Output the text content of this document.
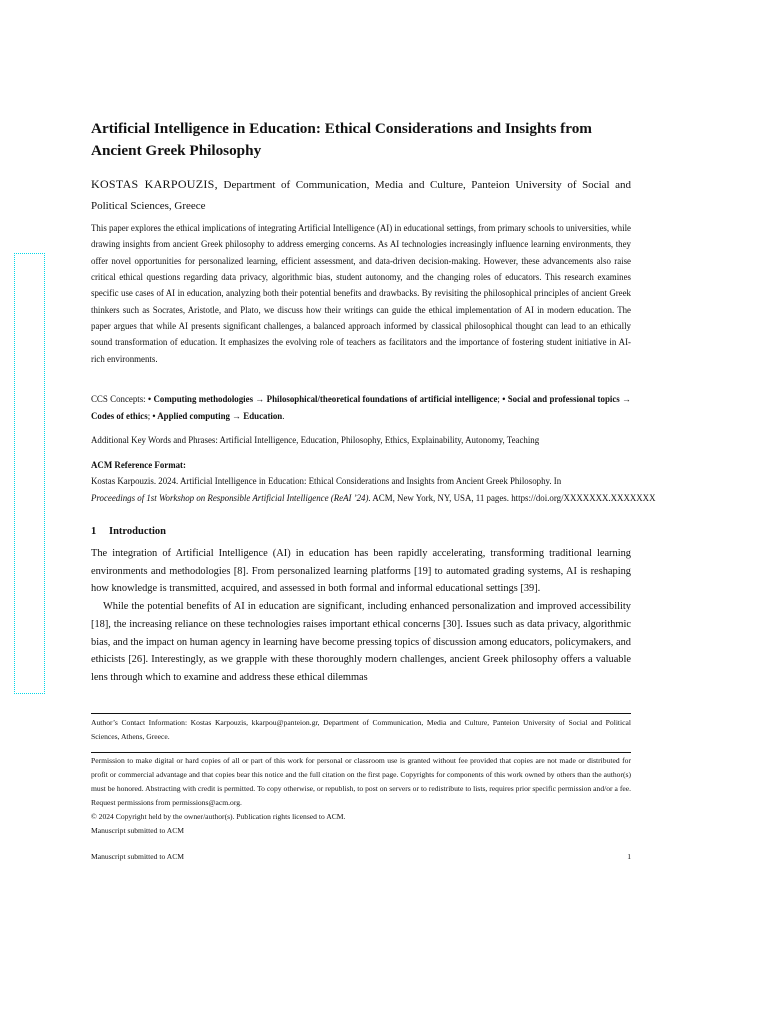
Artificial Intelligence in Education: Ethical Considerations and Insights from Ancient Greek Philosophy
KOSTAS KARPOUZIS, Department of Communication, Media and Culture, Panteion University of Social and Political Sciences, Greece
This paper explores the ethical implications of integrating Artificial Intelligence (AI) in educational settings, from primary schools to universities, while drawing insights from ancient Greek philosophy to address emerging concerns. As AI technologies increasingly influence learning environments, they offer novel opportunities for personalized learning, efficient assessment, and data-driven decision-making. However, these advancements also raise critical ethical questions regarding data privacy, algorithmic bias, student autonomy, and the changing roles of educators. This research examines specific use cases of AI in education, analyzing both their potential benefits and drawbacks. By revisiting the philosophical principles of ancient Greek thinkers such as Socrates, Aristotle, and Plato, we discuss how their writings can guide the ethical implementation of AI in modern education. The paper argues that while AI presents significant challenges, a balanced approach informed by classical philosophical thought can lead to an ethically sound transformation of education. It emphasizes the evolving role of teachers as facilitators and the importance of fostering student initiative in AI-rich environments.
CCS Concepts: • Computing methodologies → Philosophical/theoretical foundations of artificial intelligence; • Social and professional topics → Codes of ethics; • Applied computing → Education.
Additional Key Words and Phrases: Artificial Intelligence, Education, Philosophy, Ethics, Explainability, Autonomy, Teaching
ACM Reference Format:
Kostas Karpouzis. 2024. Artificial Intelligence in Education: Ethical Considerations and Insights from Ancient Greek Philosophy. In
Proceedings of 1st Workshop on Responsible Artificial Intelligence (ReAI ’24). ACM, New York, NY, USA, 11 pages. https://doi.org/XXXXXXX.XXXXXXX
1 Introduction

The integration of Artificial Intelligence (AI) in education has been rapidly accelerating, transforming traditional learning environments and methodologies [8]. From personalized learning platforms [19] to automated grading systems, AI is reshaping how knowledge is transmitted, acquired, and assessed in both formal and informal educational settings [39].

While the potential benefits of AI in education are significant, including enhanced personalization and improved accessibility [18], the increasing reliance on these technologies raises important ethical concerns [30]. Issues such as data privacy, algorithmic bias, and the impact on human agency in learning have become pressing topics of discussion among educators, policymakers, and ethicists [26]. Interestingly, as we grapple with these thoroughly modern challenges, ancient Greek philosophy offers a valuable lens through which to examine and address these ethical dilemmas

Author’s Contact Information: Kostas Karpouzis, kkarpou@panteion.gr, Department of Communication, Media and Culture, Panteion University of Social and Political Sciences, Athens, Greece.
Permission to make digital or hard copies of all or part of this work for personal or classroom use is granted without fee provided that copies are not made or distributed for profit or commercial advantage and that copies bear this notice and the full citation on the first page. Copyrights for components of this work owned by others than the author(s) must be honored. Abstracting with credit is permitted. To copy otherwise, or republish, to post on servers or to redistribute to lists, requires prior specific permission and/or a fee. Request permissions from permissions@acm.org.
© 2024 Copyright held by the owner/author(s). Publication rights licensed to ACM.
Manuscript submitted to ACM
Manuscript submitted to ACM	1
